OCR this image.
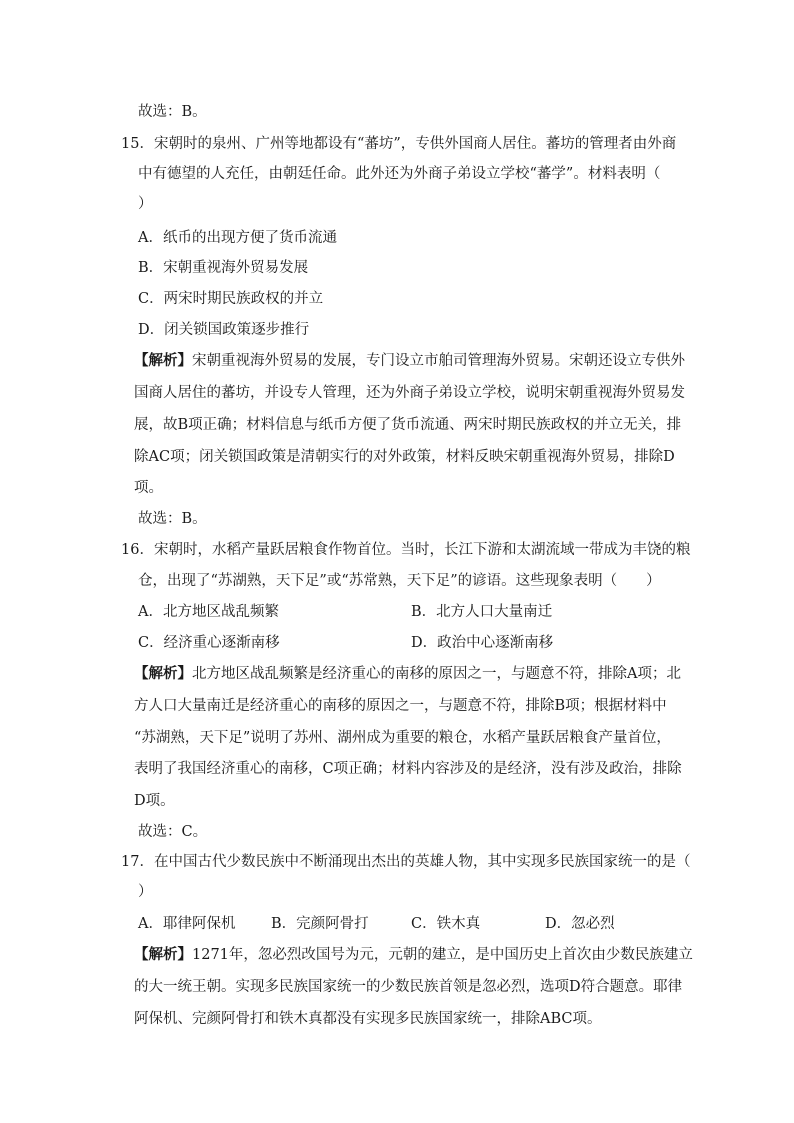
故选：B。
15．宋朝时的泉州、广州等地都设有“蕃坊”，专供外国商人居住。蕃坊的管理者由外商
中有德望的人充任，由朝廷任命。此外还为外商子弟设立学校“蕃学”。材料表明（
）
A．纸币的出现方便了货币流通
B．宋朝重视海外贸易发展
C．两宋时期民族政权的并立
D．闭关锁国政策逐步推行
【解析】宋朝重视海外贸易的发展，专门设立市舶司管理海外贸易。宋朝还设立专供外
国商人居住的蕃坊，并设专人管理，还为外商子弟设立学校，说明宋朝重视海外贸易发
展，故B项正确；材料信息与纸币方便了货币流通、两宋时期民族政权的并立无关，排
除AC项；闭关锁国政策是清朝实行的对外政策，材料反映宋朝重视海外贸易，排除D
项。
故选：B。
16．宋朝时，水稻产量跃居粮食作物首位。当时，长江下游和太湖流域一带成为丰饶的粮
仓，出现了“苏湖熟，天下足”或“苏常熟，天下足”的谚语。这些现象表明（　　）
A．北方地区战乱频繁	B．北方人口大量南迁
C．经济重心逐渐南移	D．政治中心逐渐南移
【解析】北方地区战乱频繁是经济重心的南移的原因之一，与题意不符，排除A项；北
方人口大量南迁是经济重心的南移的原因之一，与题意不符，排除B项；根据材料中
“苏湖熟，天下足”说明了苏州、湖州成为重要的粮仓，水稻产量跃居粮食产量首位，
表明了我国经济重心的南移，C项正确；材料内容涉及的是经济，没有涉及政治，排除
D项。
故选：C。
17．在中国古代少数民族中不断涌现出杰出的英雄人物，其中实现多民族国家统一的是（
）
A．耶律阿保机 B．完颜阿骨打	C．铁木真	D．忽必烈
【解析】1271年，忽必烈改国号为元，元朝的建立，是中国历史上首次由少数民族建立
的大一统王朝。实现多民族国家统一的少数民族首领是忽必烈，选项D符合题意。耶律
阿保机、完颜阿骨打和铁木真都没有实现多民族国家统一，排除ABC项。
